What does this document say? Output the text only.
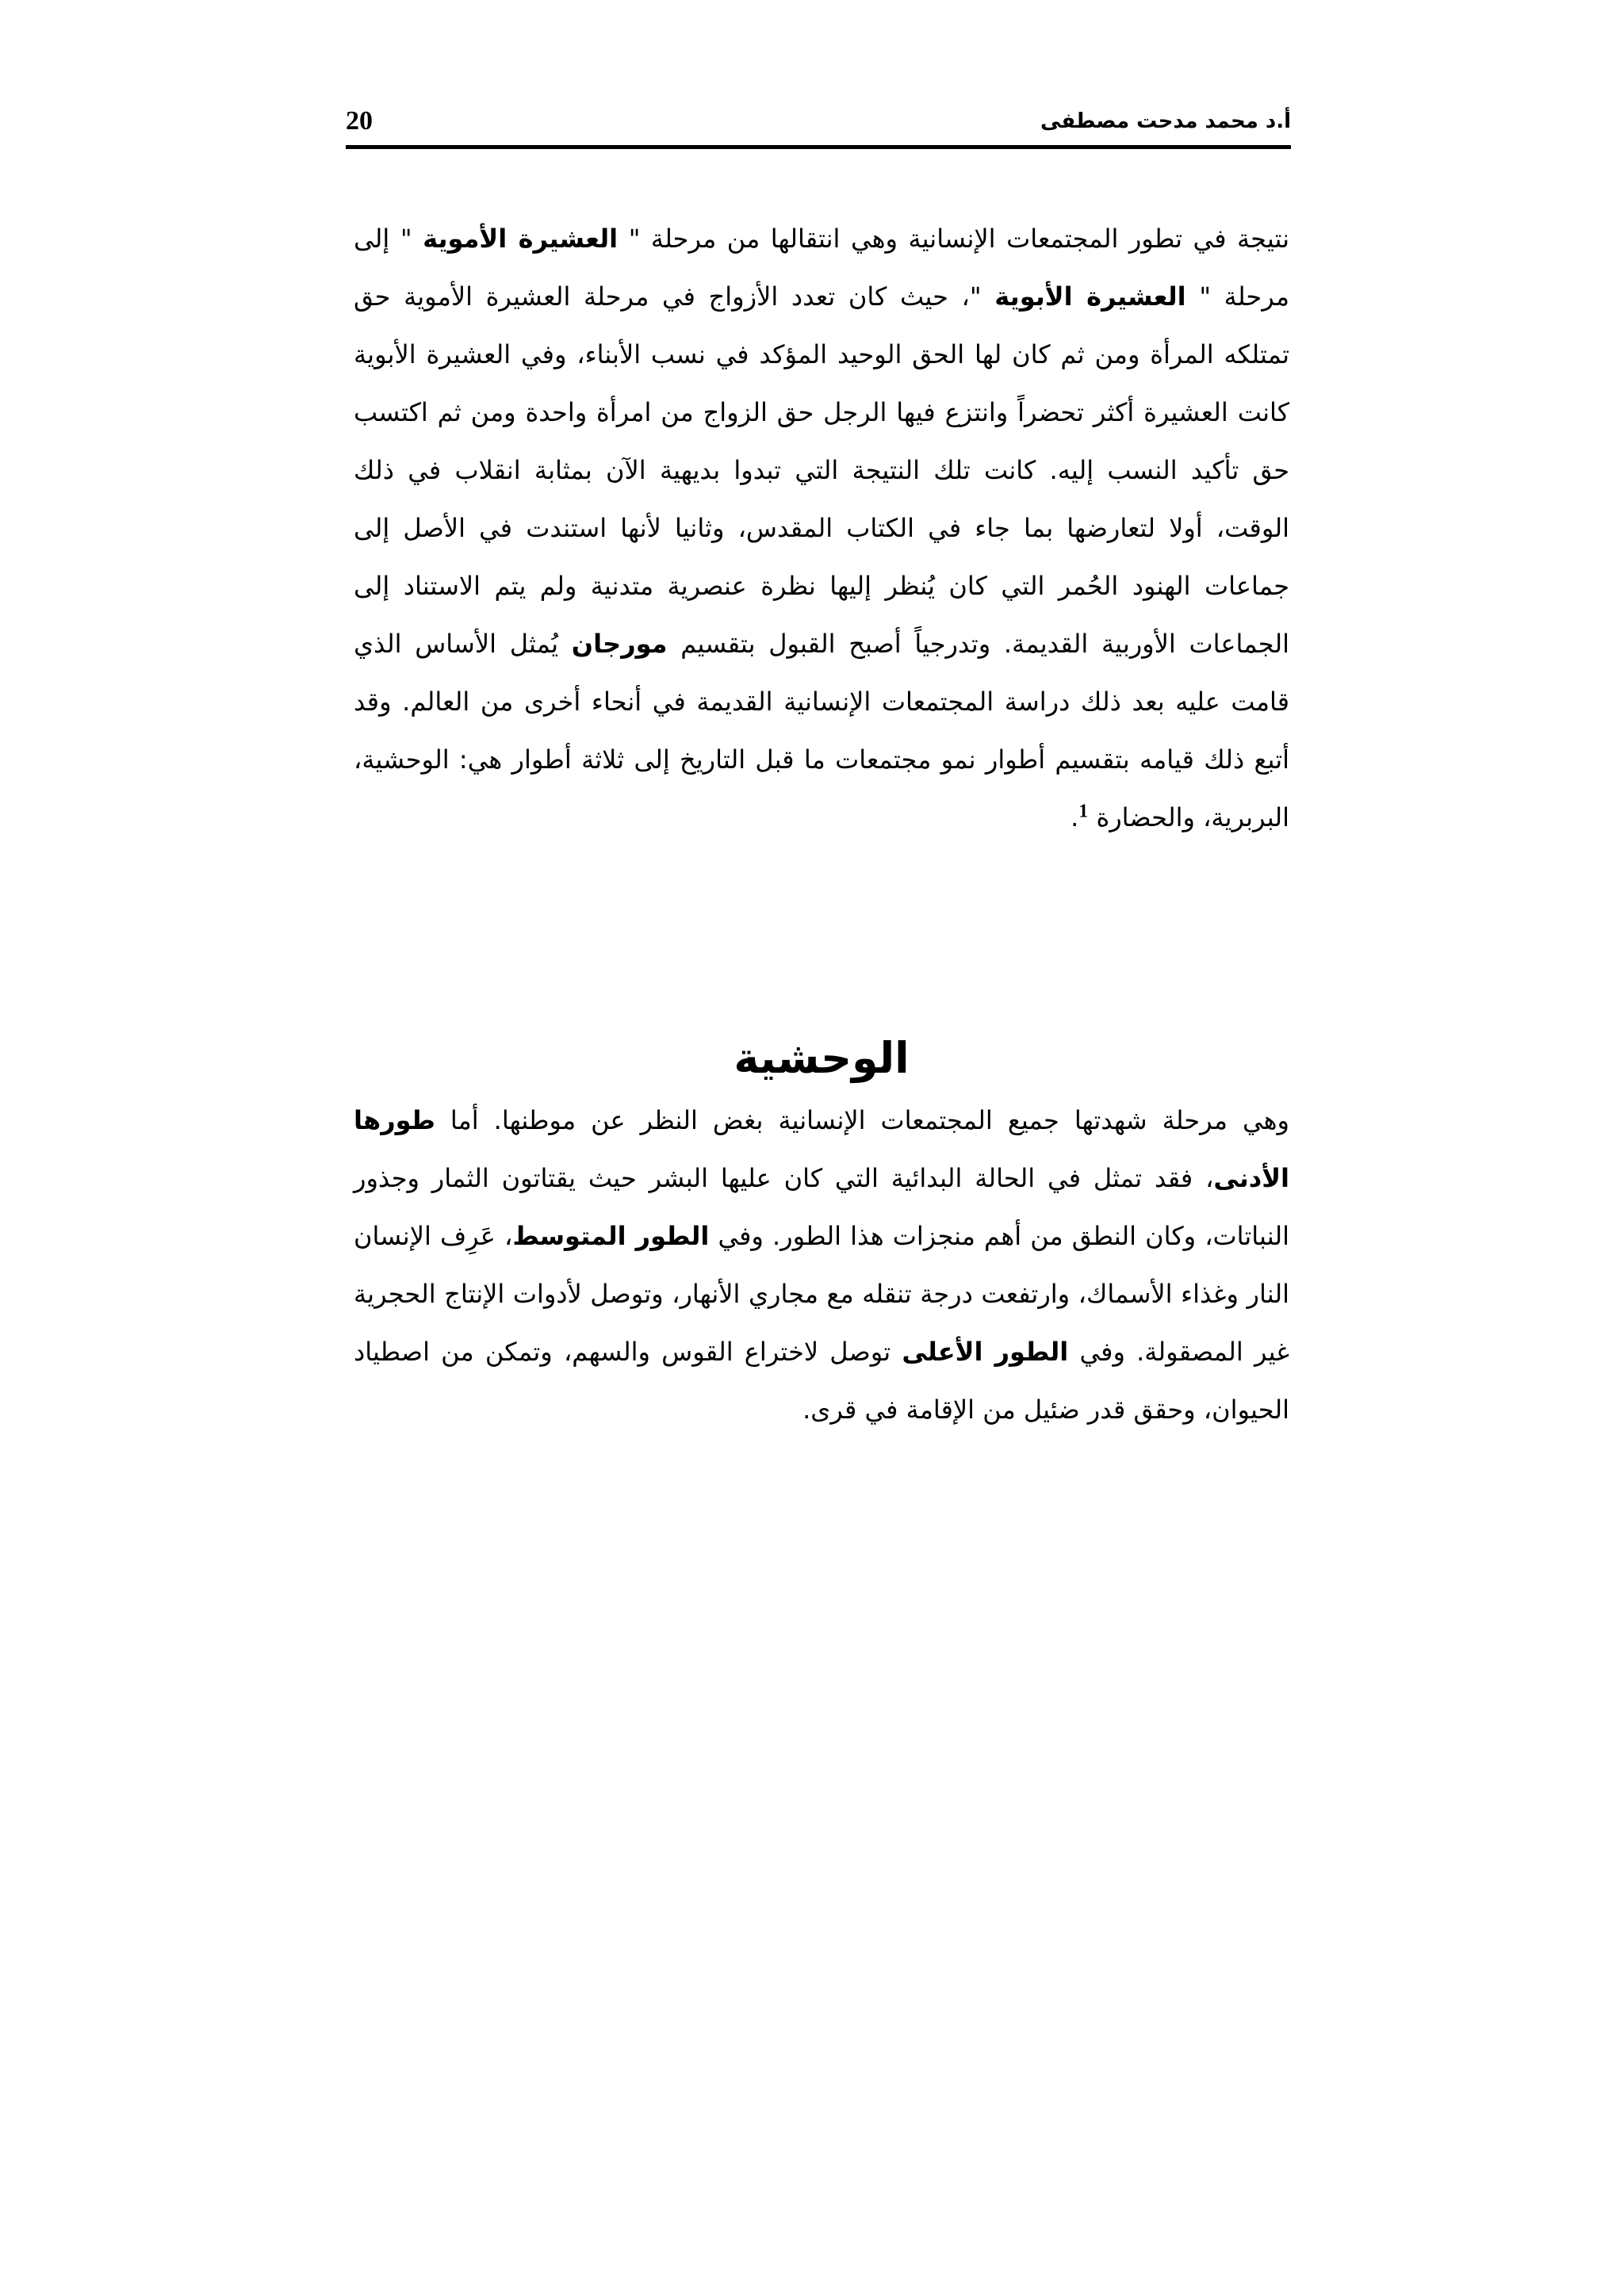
20	أ.د محمد مدحت مصطفى

نتيجة في تطور المجتمعات الإنسانية وهي انتقالها من مرحلة " العشيرة الأموية " إلى مرحلة " العشيرة الأبوية "، حيث كان تعدد الأزواج في مرحلة العشيرة الأموية حق تمتلكه المرأة ومن ثم كان لها الحق الوحيد المؤكد في نسب الأبناء، وفي العشيرة الأبوية كانت العشيرة أكثر تحضراً وانتزع فيها الرجل حق الزواج من امرأة واحدة ومن ثم اكتسب حق تأكيد النسب إليه. كانت تلك النتيجة التي تبدوا بديهية الآن بمثابة انقلاب في ذلك الوقت، أولا لتعارضها بما جاء في الكتاب المقدس، وثانيا لأنها استندت في الأصل إلى جماعات الهنود الحُمر التي كان يُنظر إليها نظرة عنصرية متدنية ولم يتم الاستناد إلى الجماعات الأوربية القديمة. وتدرجياً أصبح القبول بتقسيم مورجان يُمثل الأساس الذي قامت عليه بعد ذلك دراسة المجتمعات الإنسانية القديمة في أنحاء أخرى من العالم. وقد أتبع ذلك قيامه بتقسيم أطوار نمو مجتمعات ما قبل التاريخ إلى ثلاثة أطوار هي: الوحشية، البربرية، والحضارة $^1$.

الوحشية

وهي مرحلة شهدتها جميع المجتمعات الإنسانية بغض النظر عن موطنها. أما طورها الأدنى، فقد تمثل في الحالة البدائية التي كان عليها البشر حيث يقتاتون الثمار وجذور النباتات، وكان النطق من أهم منجزات هذا الطور. وفي الطور المتوسط، عَرِف الإنسان النار وغذاء الأسماك، وارتفعت درجة تنقله مع مجاري الأنهار، وتوصل لأدوات الإنتاج الحجرية غير المصقولة. وفي الطور الأعلى توصل لاختراع القوس والسهم، وتمكن من اصطياد الحيوان، وحقق قدر ضئيل من الإقامة في قرى.
